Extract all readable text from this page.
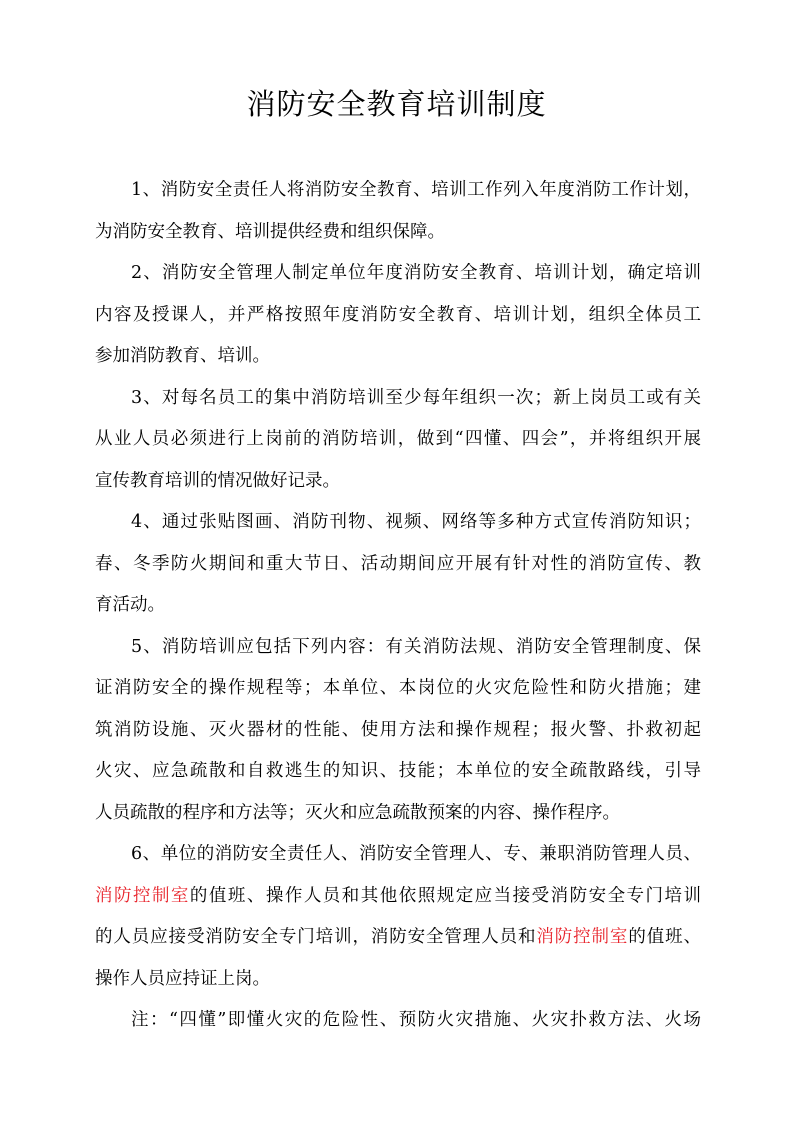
消防安全教育培训制度
1、消防安全责任人将消防安全教育、培训工作列入年度消防工作计划，
为消防安全教育、培训提供经费和组织保障。
2、消防安全管理人制定单位年度消防安全教育、培训计划，确定培训
内容及授课人，并严格按照年度消防安全教育、培训计划，组织全体员工
参加消防教育、培训。
3、对每名员工的集中消防培训至少每年组织一次；新上岗员工或有关
从业人员必须进行上岗前的消防培训，做到“四懂、四会”，并将组织开展
宣传教育培训的情况做好记录。
4、通过张贴图画、消防刊物、视频、网络等多种方式宣传消防知识；
春、冬季防火期间和重大节日、活动期间应开展有针对性的消防宣传、教
育活动。
5、消防培训应包括下列内容：有关消防法规、消防安全管理制度、保
证消防安全的操作规程等；本单位、本岗位的火灾危险性和防火措施；建
筑消防设施、灭火器材的性能、使用方法和操作规程；报火警、扑救初起
火灾、应急疏散和自救逃生的知识、技能；本单位的安全疏散路线，引导
人员疏散的程序和方法等；灭火和应急疏散预案的内容、操作程序。
6、单位的消防安全责任人、消防安全管理人、专、兼职消防管理人员、
消防控制室的值班、操作人员和其他依照规定应当接受消防安全专门培训
的人员应接受消防安全专门培训，消防安全管理人员和消防控制室的值班、
操作人员应持证上岗。
注：“四懂”即懂火灾的危险性、预防火灾措施、火灾扑救方法、火场
